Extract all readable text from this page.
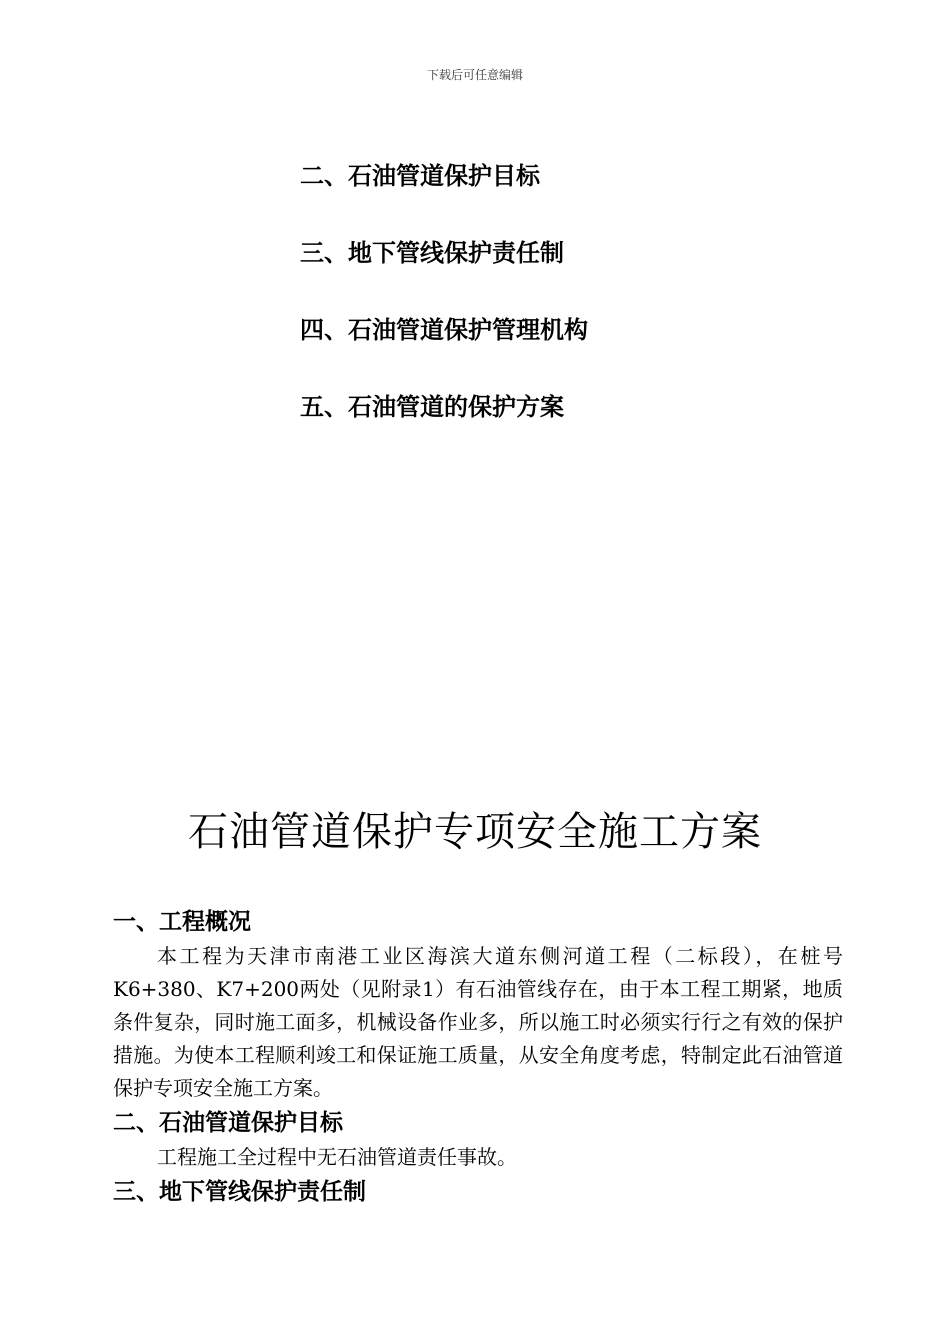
下载后可任意编辑
二、石油管道保护目标
三、地下管线保护责任制
四、石油管道保护管理机构
五、石油管道的保护方案
石油管道保护专项安全施工方案
一、工程概况

本工程为天津市南港工业区海滨大道东侧河道工程（二标段），在桩号K6+380、K7+200两处（见附录1）有石油管线存在，由于本工程工期紧，地质条件复杂，同时施工面多，机械设备作业多，所以施工时必须实行行之有效的保护措施。为使本工程顺利竣工和保证施工质量，从安全角度考虑，特制定此石油管道保护专项安全施工方案。

二、石油管道保护目标

工程施工全过程中无石油管道责任事故。

三、地下管线保护责任制
